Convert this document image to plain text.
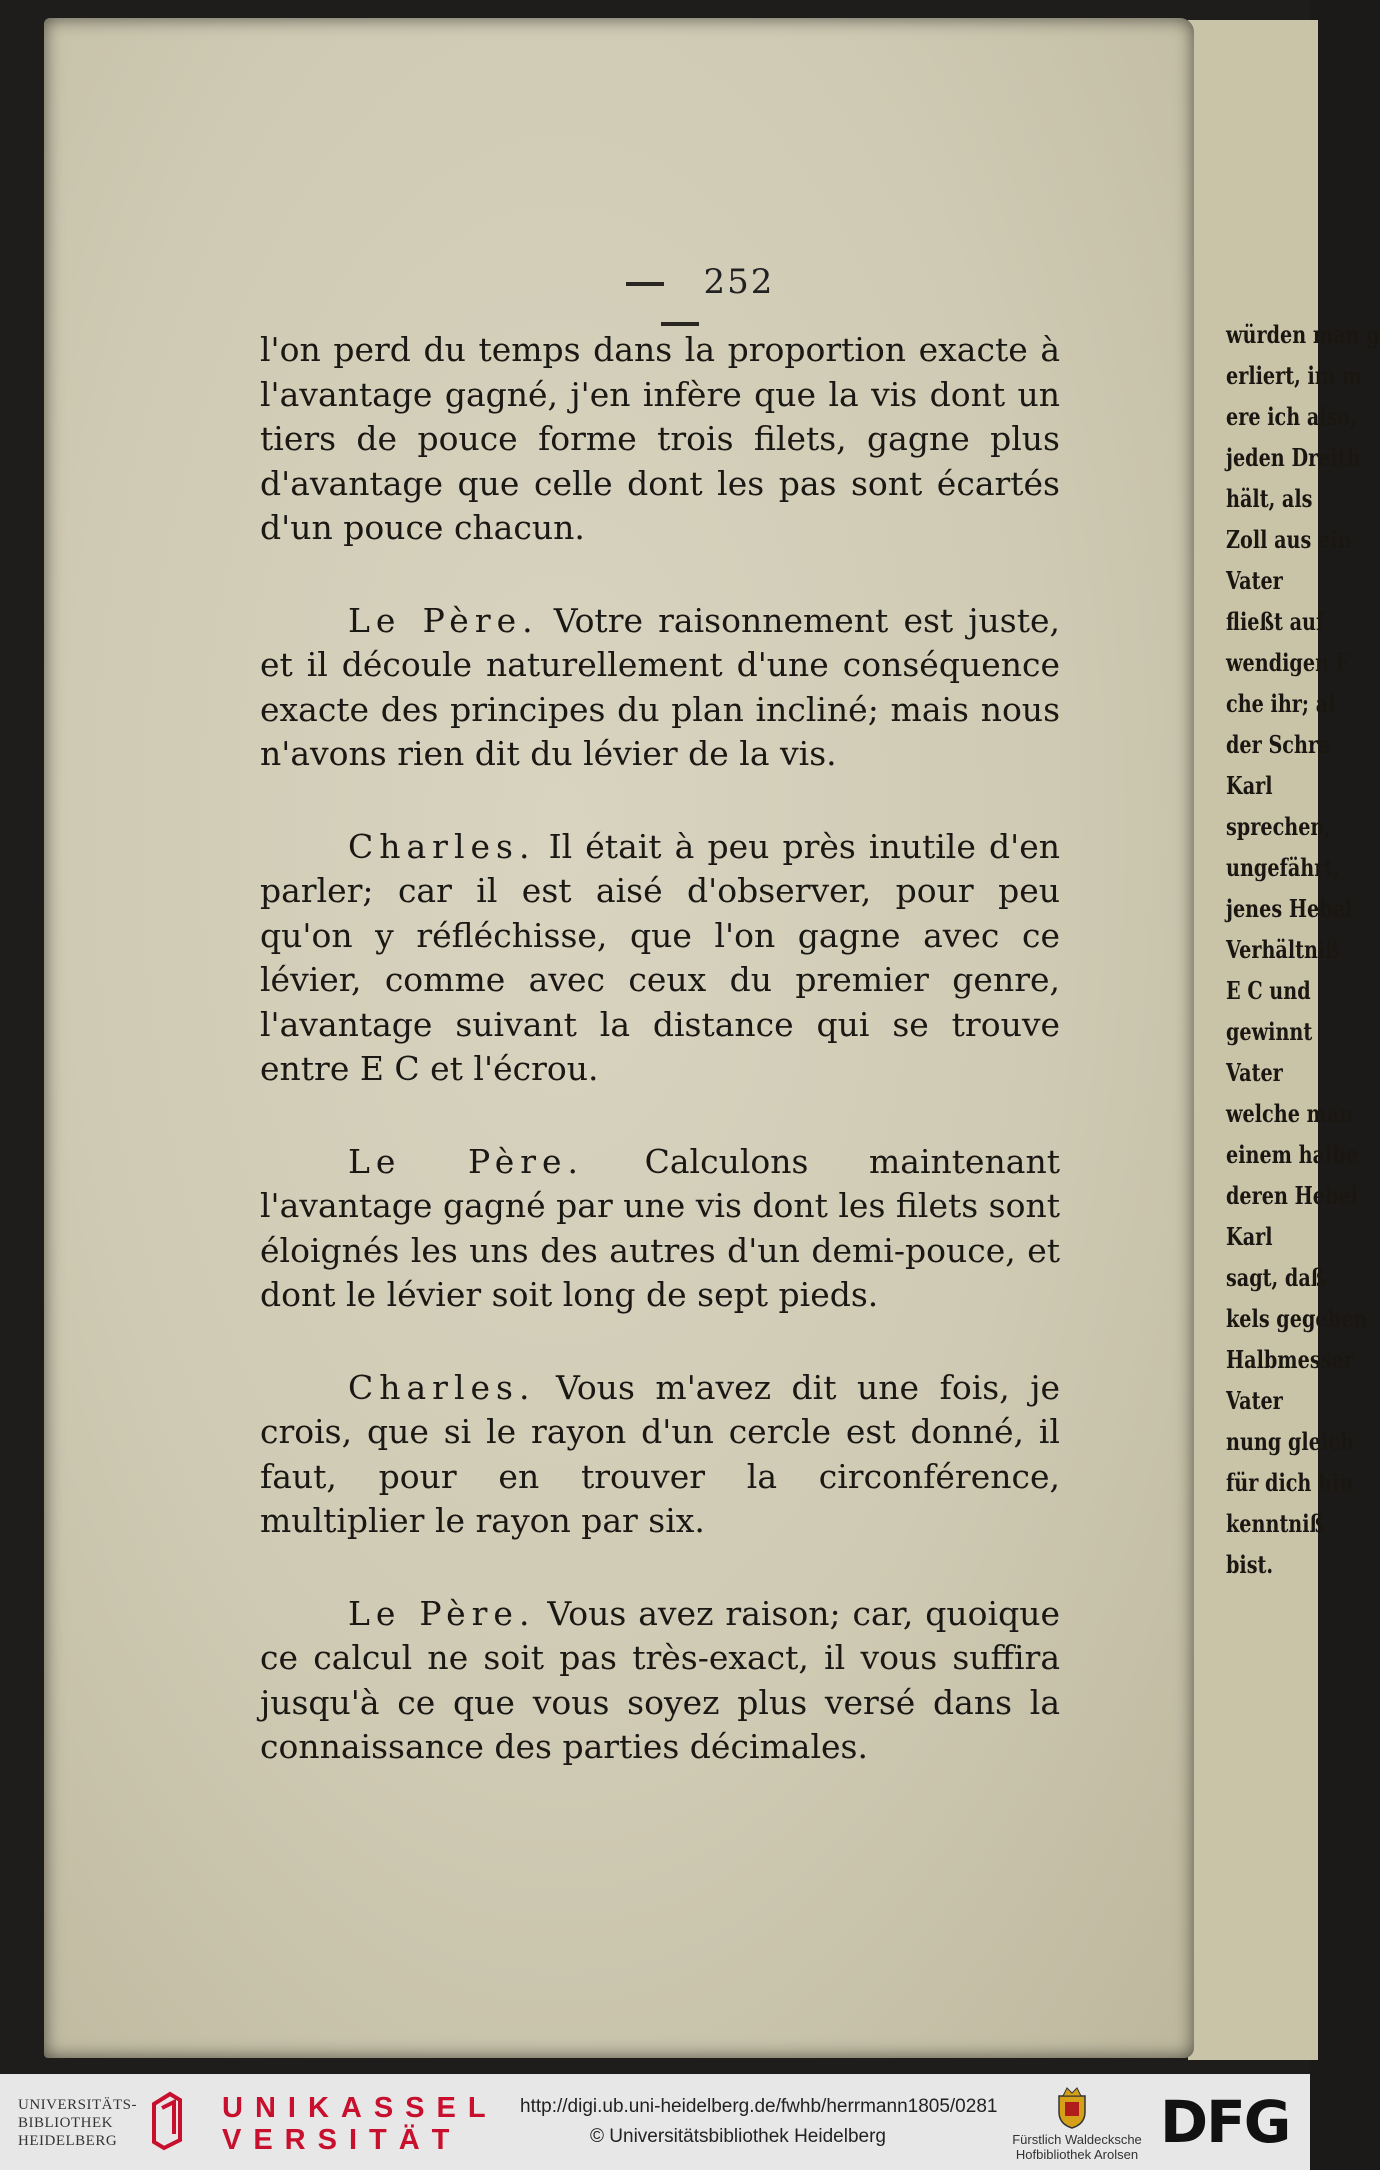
würden man g
erliert, im m
ere ich also,
jeden Dreith
hält, als
Zoll aus ein
Vater
fließt auf
wendigen F
che ihr; al
der Schra
Karl
sprechen,
ungefährt,
jenes Hebel
Verhältniß
E C und
gewinnt
Vater
welche man
einem halbe
deren Hebel
Karl
sagt, daß
kels gegeben
Halbmesser
Vater
nung gleich
für dich hin
kenntniß
bist.
252

l'on perd du temps dans la proportion exacte à l'avantage gagné, j'en infère que la vis dont un tiers de pouce forme trois filets, gagne plus d'avantage que celle dont les pas sont écartés d'un pouce chacun.

Le Père. Votre raisonnement est juste, et il découle naturellement d'une conséquence exacte des principes du plan incliné; mais nous n'avons rien dit du lévier de la vis.

Charles. Il était à peu près inutile d'en parler; car il est aisé d'observer, pour peu qu'on y réfléchisse, que l'on gagne avec ce lévier, comme avec ceux du premier genre, l'avantage suivant la distance qui se trouve entre E C et l'écrou.

Le Père. Calculons maintenant l'avantage gagné par une vis dont les filets sont éloignés les uns des autres d'un demi-pouce, et dont le lévier soit long de sept pieds.

Charles. Vous m'avez dit une fois, je crois, que si le rayon d'un cercle est donné, il faut, pour en trouver la circonférence, multiplier le rayon par six.

Le Père. Vous avez raison; car, quoique ce calcul ne soit pas très-exact, il vous suffira jusqu'à ce que vous soyez plus versé dans la connaissance des parties décimales.

UNIVERSITÄTS-
BIBLIOTHEK
HEIDELBERG
UNIKASSEL
VERSITÄT
http://digi.ub.uni-heidelberg.de/fwhb/herrmann1805/0281
© Universitätsbibliothek Heidelberg	Fürstlich Waldecksche
Hofbibliothek Arolsen DFG
